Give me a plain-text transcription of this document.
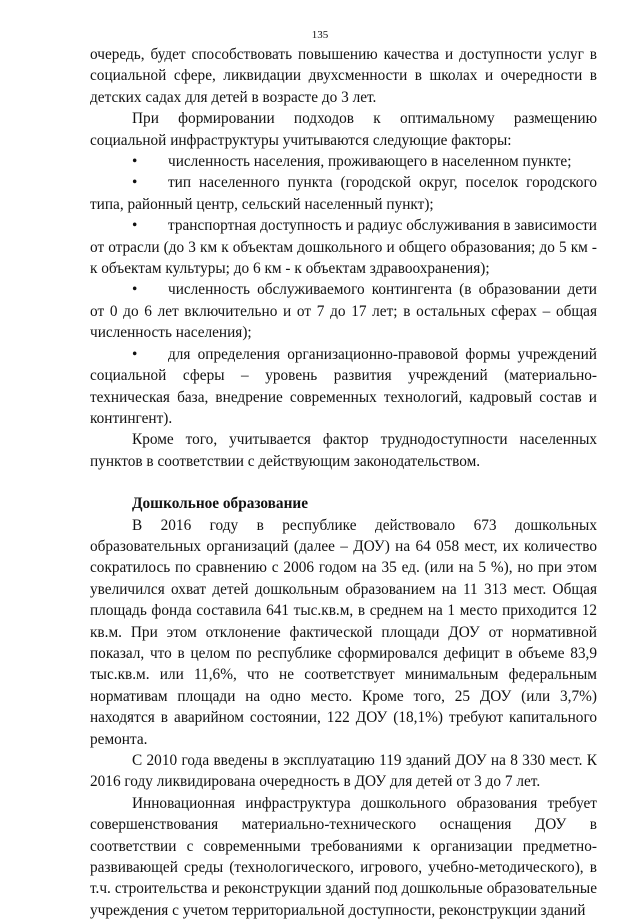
135

очередь, будет способствовать повышению качества и доступности услуг в социальной сфере, ликвидации двухсменности в школах и очередности в детских садах для детей в возрасте до 3 лет.

При формировании подходов к оптимальному размещению социальной инфраструктуры учитываются следующие факторы:

• численность населения, проживающего в населенном пункте;

• тип населенного пункта (городской округ, поселок городского типа, районный центр, сельский населенный пункт);

• транспортная доступность и радиус обслуживания в зависимости от отрасли (до 3 км к объектам дошкольного и общего образования; до 5 км - к объектам культуры; до 6 км - к объектам здравоохранения);

• численность обслуживаемого контингента (в образовании дети от 0 до 6 лет включительно и от 7 до 17 лет; в остальных сферах – общая численность населения);

• для определения организационно-правовой формы учреждений социальной сферы – уровень развития учреждений (материально-техническая база, внедрение современных технологий, кадровый состав и контингент).

Кроме того, учитывается фактор труднодоступности населенных пунктов в соответствии с действующим законодательством.

Дошкольное образование

В 2016 году в республике действовало 673 дошкольных образовательных организаций (далее – ДОУ) на 64 058 мест, их количество сократилось по сравнению с 2006 годом на 35 ед. (или на 5 %), но при этом увеличился охват детей дошкольным образованием на 11 313 мест. Общая площадь фонда составила 641 тыс.кв.м, в среднем на 1 место приходится 12 кв.м. При этом отклонение фактической площади ДОУ от нормативной показал, что в целом по республике сформировался дефицит в объеме 83,9 тыс.кв.м. или 11,6%, что не соответствует минимальным федеральным нормативам площади на одно место. Кроме того, 25 ДОУ (или 3,7%) находятся в аварийном состоянии, 122 ДОУ (18,1%) требуют капитального ремонта.

С 2010 года введены в эксплуатацию 119 зданий ДОУ на 8 330 мест. К 2016 году ликвидирована очередность в ДОУ для детей от 3 до 7 лет.

Инновационная инфраструктура дошкольного образования требует совершенствования материально-технического оснащения ДОУ в соответствии с современными требованиями к организации предметно-развивающей среды (технологического, игрового, учебно-методического), в т.ч. строительства и реконструкции зданий под дошкольные образовательные учреждения с учетом территориальной доступности, реконструкции зданий
